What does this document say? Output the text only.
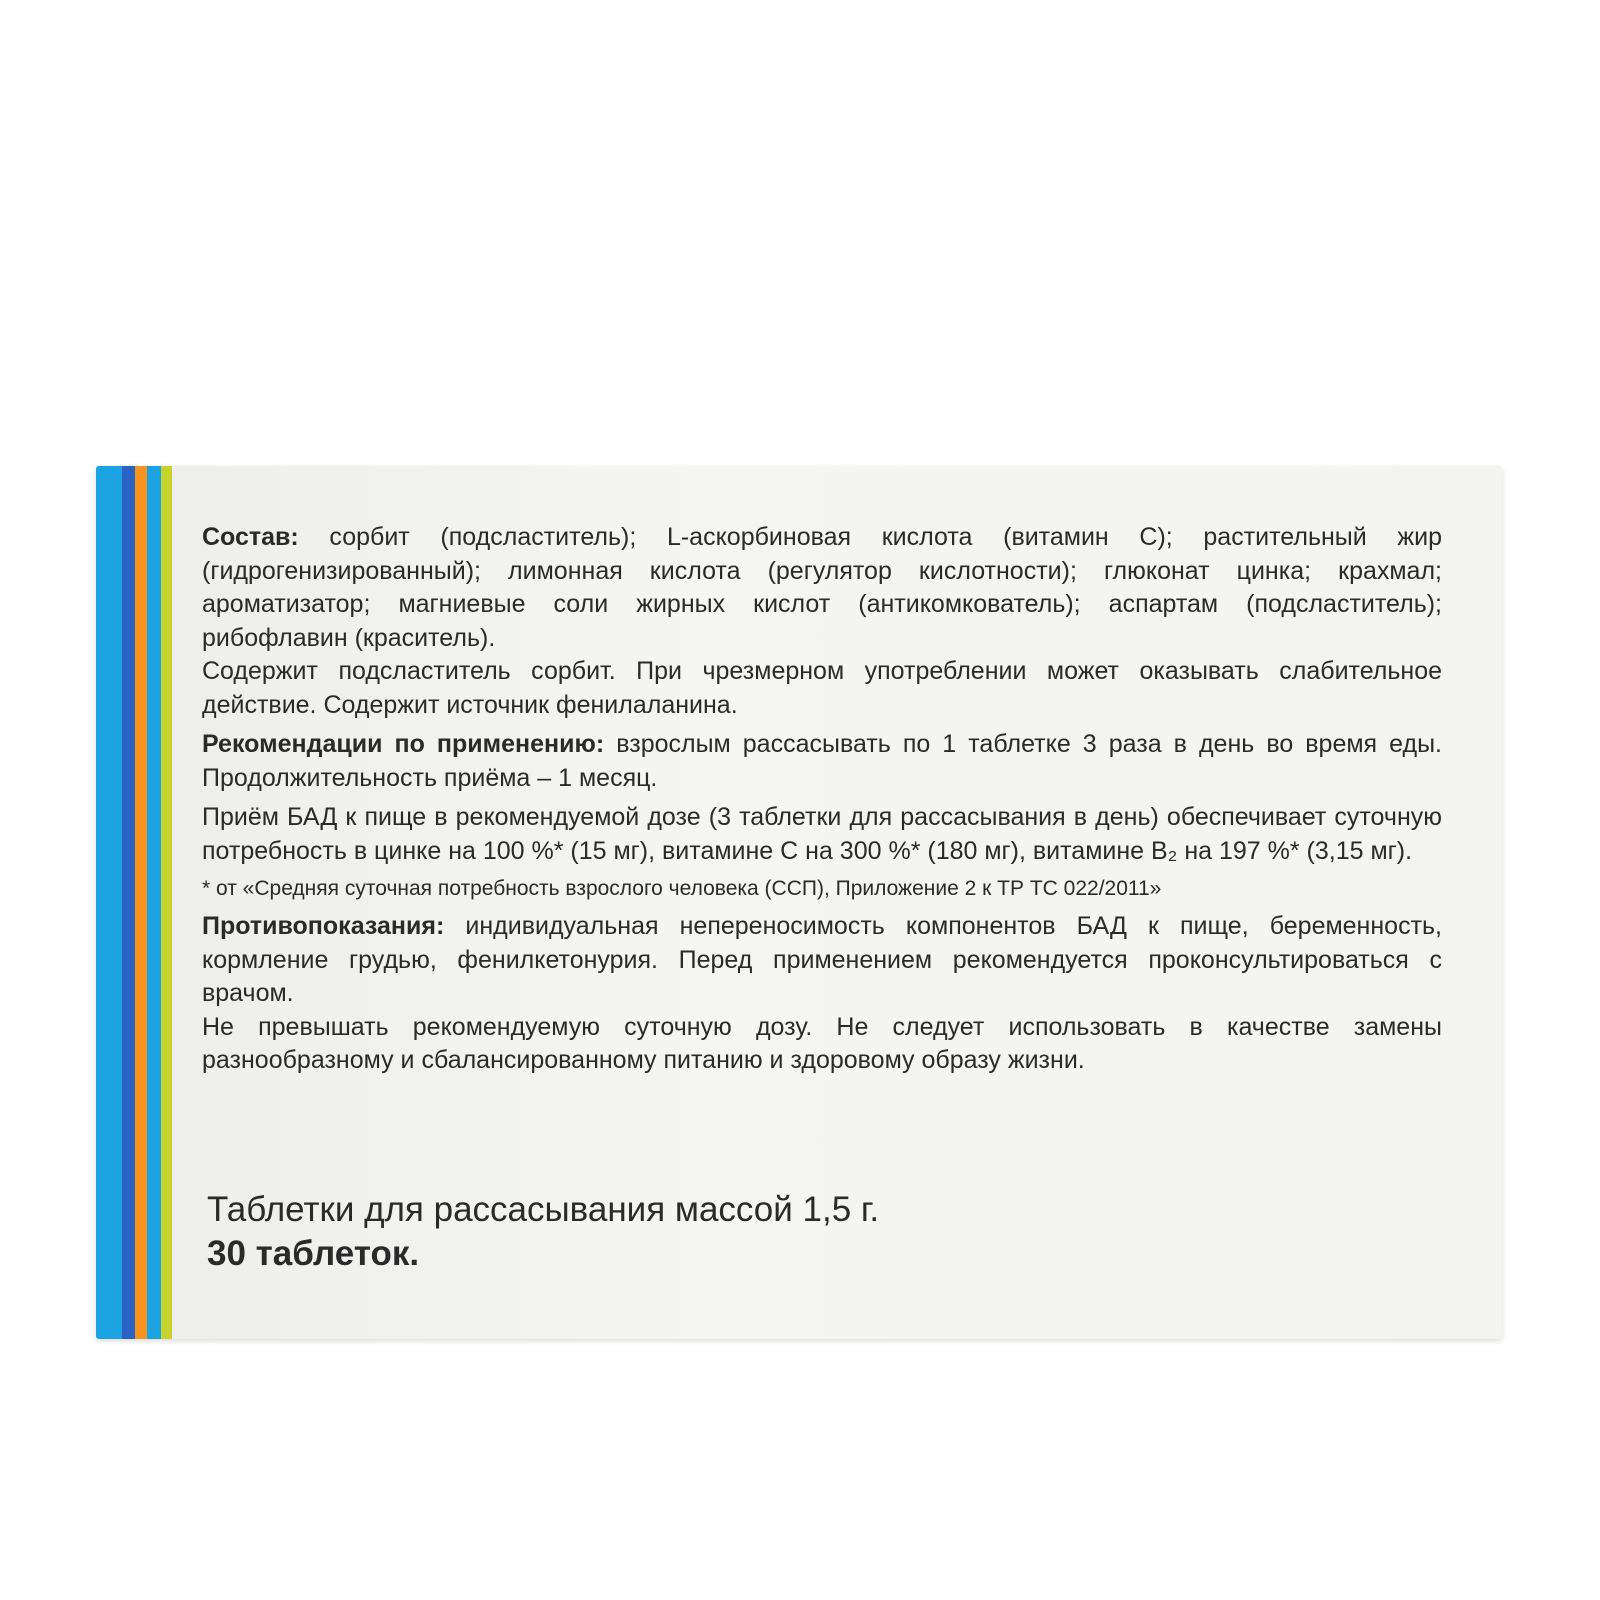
Состав: сорбит (подсластитель); L-аскорбиновая кислота (витамин С); растительный жир (гидрогенизированный); лимонная кислота (регулятор кислотности); глюконат цинка; крахмал; ароматизатор; магниевые соли жирных кислот (антикомкователь); аспартам (подсластитель); рибофлавин (краситель).

Содержит подсластитель сорбит. При чрезмерном употреблении может оказывать слабительное действие. Содержит источник фенилаланина.

Рекомендации по применению: взрослым рассасывать по 1 таблетке 3 раза в день во время еды. Продолжительность приёма – 1 месяц.

Приём БАД к пище в рекомендуемой дозе (3 таблетки для рассасывания в день) обеспечивает суточную потребность в цинке на 100 %* (15 мг), витамине С на 300 %* (180 мг), витамине B₂ на 197 %* (3,15 мг).

* от «Средняя суточная потребность взрослого человека (ССП), Приложение 2 к ТР ТС 022/2011»

Противопоказания: индивидуальная непереносимость компонентов БАД к пище, беременность, кормление грудью, фенилкетонурия. Перед применением рекомендуется проконсультироваться с врачом.

Не превышать рекомендуемую суточную дозу. Не следует использовать в качестве замены разнообразному и сбалансированному питанию и здоровому образу жизни.

Таблетки для рассасывания массой 1,5 г.
30 таблеток.
